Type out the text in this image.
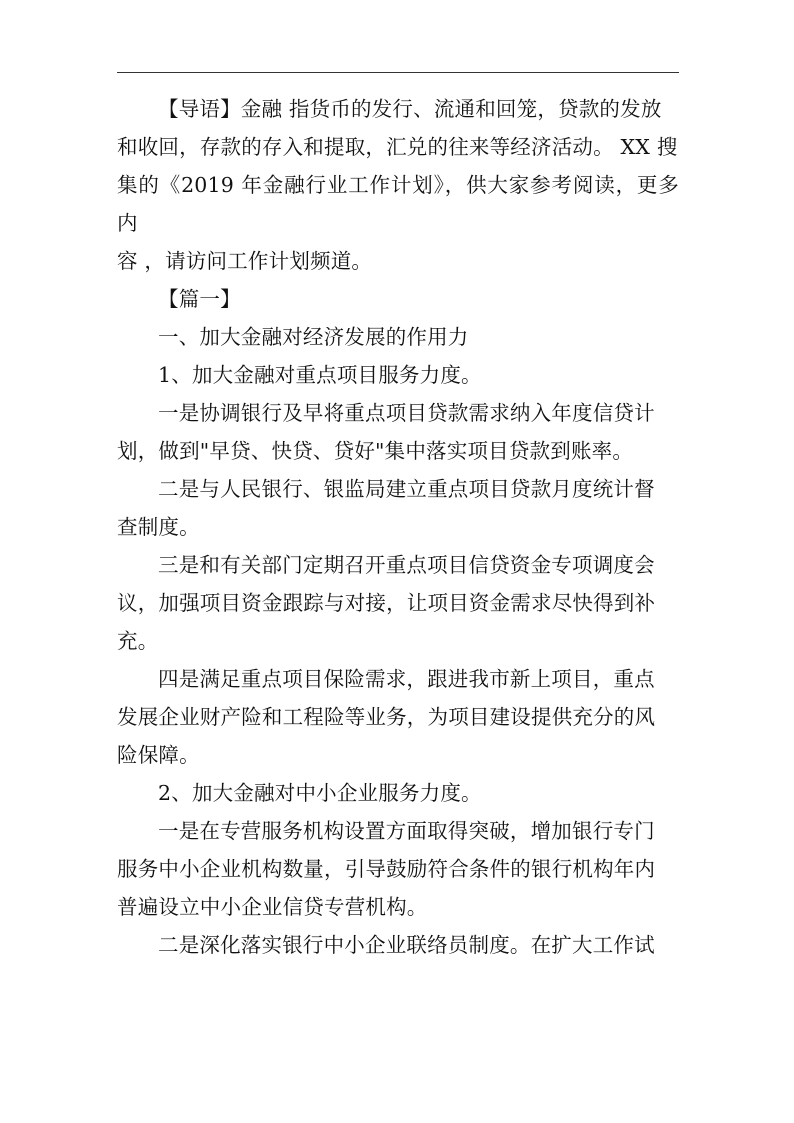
【导语】金融 指货币的发行、流通和回笼，贷款的发放

和收回，存款的存入和提取，汇兑的往来等经济活动。 XX 搜

集的《2019 年金融行业工作计划》，供大家参考阅读，更多内

容 ，请访问工作计划频道。

【篇一】

一、加大金融对经济发展的作用力

1、加大金融对重点项目服务力度。

一是协调银行及早将重点项目贷款需求纳入年度信贷计

划，做到"早贷、快贷、贷好"集中落实项目贷款到账率。

二是与人民银行、银监局建立重点项目贷款月度统计督

查制度。

三是和有关部门定期召开重点项目信贷资金专项调度会

议，加强项目资金跟踪与对接，让项目资金需求尽快得到补

充。

四是满足重点项目保险需求，跟进我市新上项目，重点

发展企业财产险和工程险等业务，为项目建设提供充分的风

险保障。

2、加大金融对中小企业服务力度。

一是在专营服务机构设置方面取得突破，增加银行专门

服务中小企业机构数量，引导鼓励符合条件的银行机构年内

普遍设立中小企业信贷专营机构。

二是深化落实银行中小企业联络员制度。在扩大工作试
